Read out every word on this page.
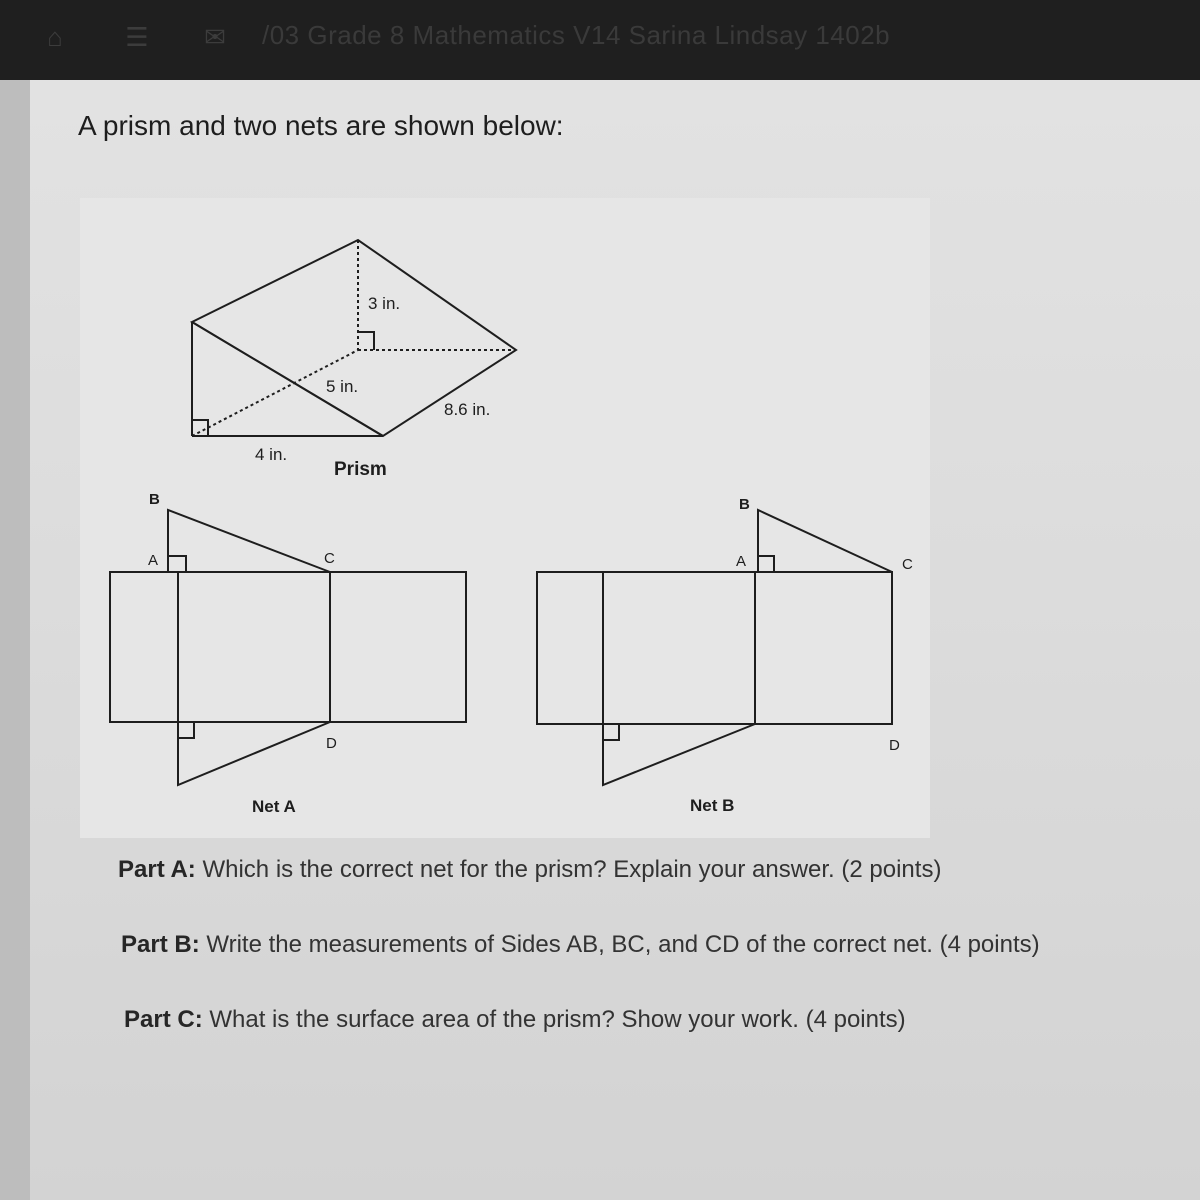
⌂ ☰ ✉ /03 Grade 8 Mathematics V14 Sarina Lindsay 1402b
A prism and two nets are shown below:
3 in.
5 in.
8.6 in.
4 in.
Prism
B
A	C
D
Net A
B
A	C
D
Net B
Part A: Which is the correct net for the prism? Explain your answer. (2 points)
Part B: Write the measurements of Sides AB, BC, and CD of the correct net. (4 points)
Part C: What is the surface area of the prism? Show your work. (4 points)
